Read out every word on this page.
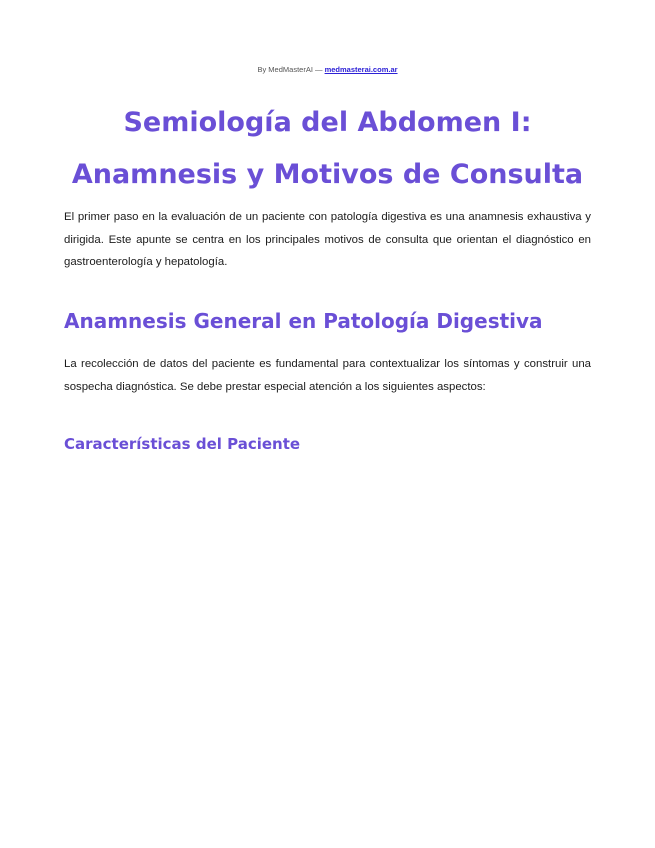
By MedMasterAI — medmasterai.com.ar
Semiología del Abdomen I: Anamnesis y Motivos de Consulta

El primer paso en la evaluación de un paciente con patología digestiva es una anamnesis exhaustiva y dirigida. Este apunte se centra en los principales motivos de consulta que orientan el diagnóstico en gastroenterología y hepatología.

Anamnesis General en Patología Digestiva

La recolección de datos del paciente es fundamental para contextualizar los síntomas y construir una sospecha diagnóstica. Se debe prestar especial atención a los siguientes aspectos:

Características del Paciente
